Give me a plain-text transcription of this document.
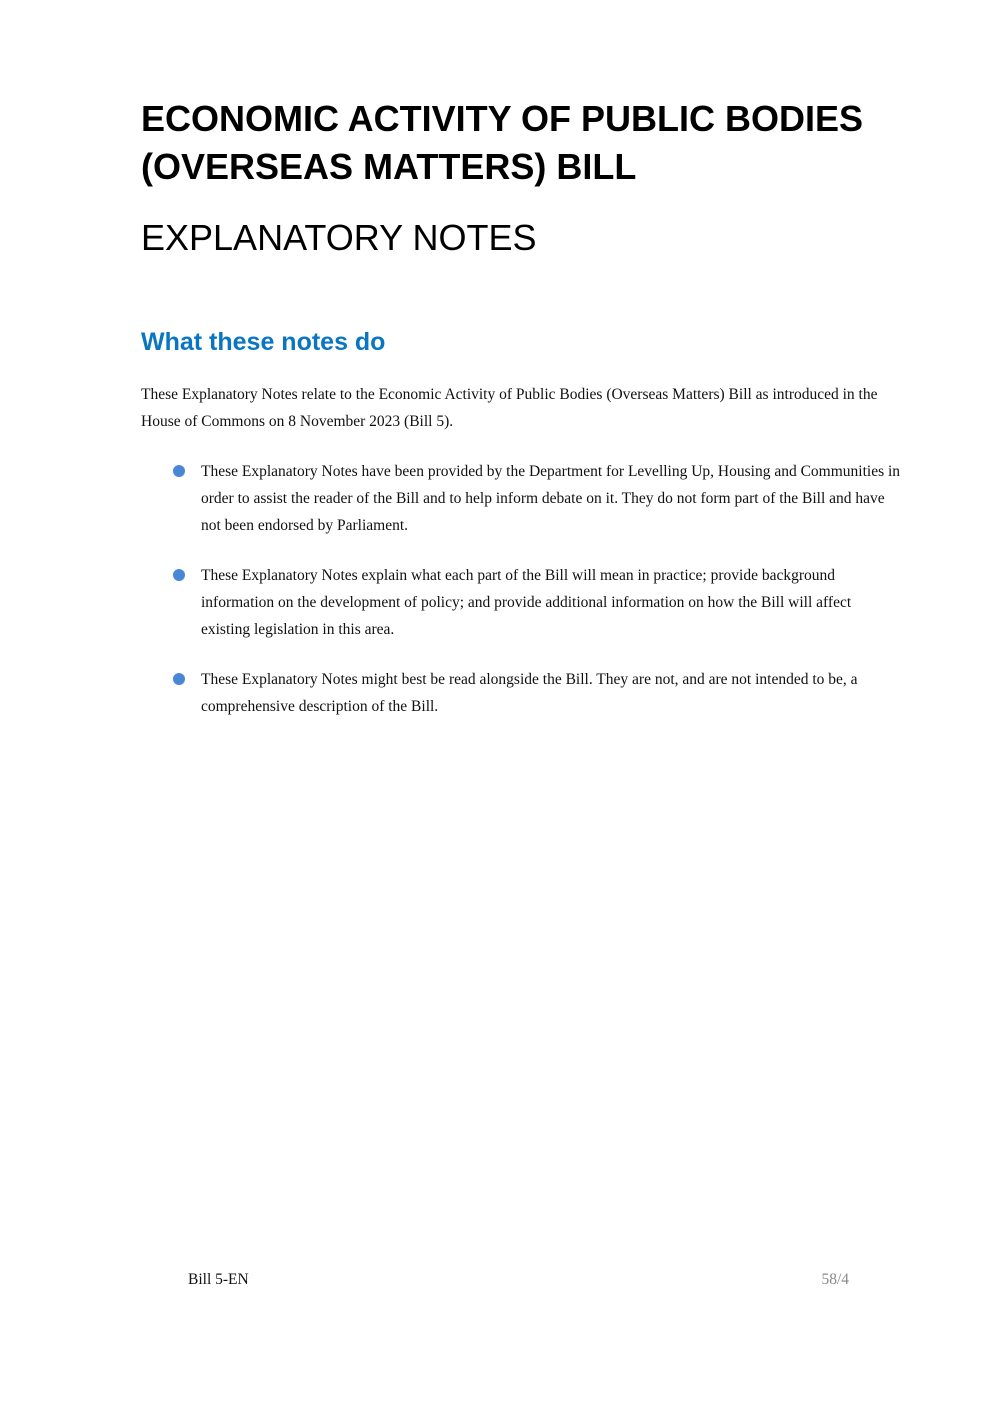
ECONOMIC ACTIVITY OF PUBLIC BODIES (OVERSEAS MATTERS) BILL
EXPLANATORY NOTES
What these notes do

These Explanatory Notes relate to the Economic Activity of Public Bodies (Overseas Matters) Bill as introduced in the House of Commons on 8 November 2023 (Bill 5).

These Explanatory Notes have been provided by the Department for Levelling Up, Housing and Communities in order to assist the reader of the Bill and to help inform debate on it. They do not form part of the Bill and have not been endorsed by Parliament.
These Explanatory Notes explain what each part of the Bill will mean in practice; provide background information on the development of policy; and provide additional information on how the Bill will affect existing legislation in this area.
These Explanatory Notes might best be read alongside the Bill. They are not, and are not intended to be, a comprehensive description of the Bill.
Bill 5-EN	58/4
